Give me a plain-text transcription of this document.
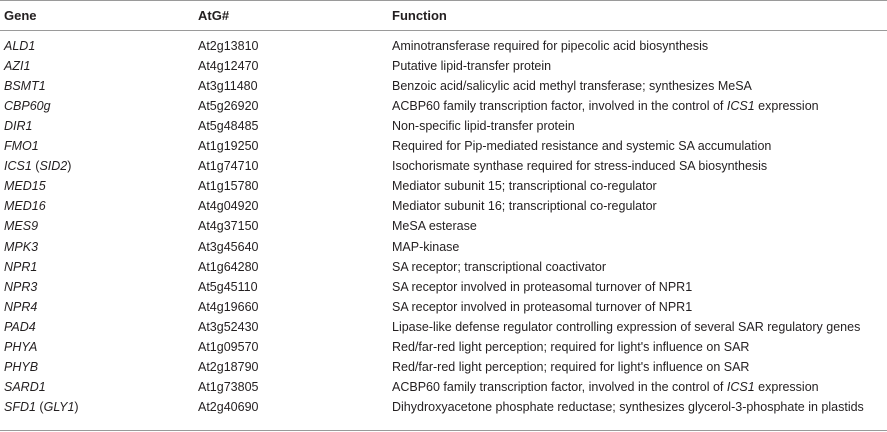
Gene	AtG#	Function
ALD1	At2g13810	Aminotransferase required for pipecolic acid biosynthesis
AZI1	At4g12470	Putative lipid-transfer protein
BSMT1	At3g11480	Benzoic acid/salicylic acid methyl transferase; synthesizes MeSA
CBP60g	At5g26920	ACBP60 family transcription factor, involved in the control of ICS1 expression
DIR1	At5g48485	Non-specific lipid-transfer protein
FMO1	At1g19250	Required for Pip-mediated resistance and systemic SA accumulation
ICS1 (SID2)	At1g74710	Isochorismate synthase required for stress-induced SA biosynthesis
MED15	At1g15780	Mediator subunit 15; transcriptional co-regulator
MED16	At4g04920	Mediator subunit 16; transcriptional co-regulator
MES9	At4g37150	MeSA esterase
MPK3	At3g45640	MAP-kinase
NPR1	At1g64280	SA receptor; transcriptional coactivator
NPR3	At5g45110	SA receptor involved in proteasomal turnover of NPR1
NPR4	At4g19660	SA receptor involved in proteasomal turnover of NPR1
PAD4	At3g52430	Lipase-like defense regulator controlling expression of several SAR regulatory genes
PHYA	At1g09570	Red/far-red light perception; required for light's influence on SAR
PHYB	At2g18790	Red/far-red light perception; required for light's influence on SAR
SARD1	At1g73805	ACBP60 family transcription factor, involved in the control of ICS1 expression
SFD1 (GLY1)	At2g40690	Dihydroxyacetone phosphate reductase; synthesizes glycerol-3-phosphate in plastids
